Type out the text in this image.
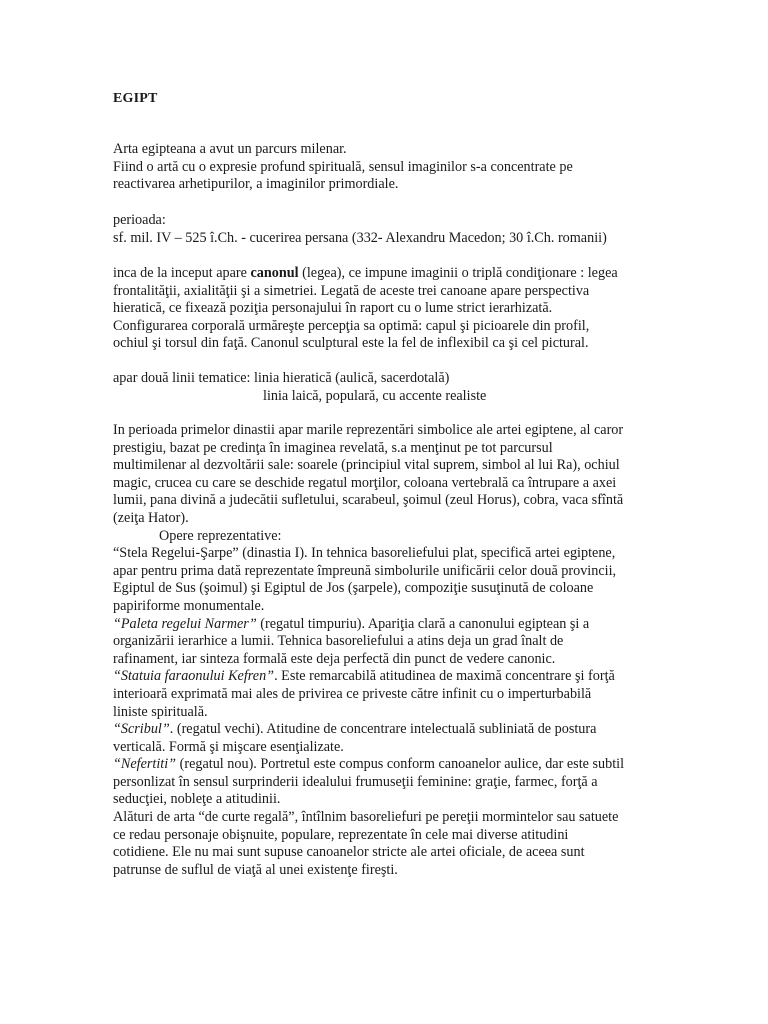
EGIPT
Arta egipteana a avut un parcurs milenar.
Fiind o artă cu o expresie profund spirituală, sensul imaginilor s-a concentrate pe
reactivarea arhetipurilor, a imaginilor primordiale.
perioada:
sf. mil. IV – 525 î.Ch. - cucerirea persana (332- Alexandru Macedon; 30 î.Ch. romanii)
inca de la inceput apare canonul (legea), ce impune imaginii o triplă condiţionare : legea
frontalităţii, axialităţii şi a simetriei. Legată de aceste trei canoane apare perspectiva
hieratică, ce fixează poziţia personajului în raport cu o lume strict ierarhizată.
Configurarea corporală urmăreşte percepţia sa optimă: capul şi picioarele din profil,
ochiul şi torsul din faţă. Canonul sculptural este la fel de inflexibil ca şi cel pictural.
apar două linii tematice: linia hieratică (aulică, sacerdotală)
linia laică, populară, cu accente realiste
In perioada primelor dinastii apar marile reprezentări simbolice ale artei egiptene, al caror
prestigiu, bazat pe credinţa în imaginea revelată, s.a menţinut pe tot parcursul
multimilenar al dezvoltării sale: soarele (principiul vital suprem, simbol al lui Ra), ochiul
magic, crucea cu care se deschide regatul morţilor, coloana vertebrală ca întrupare a axei
lumii, pana divină a judecătii sufletului, scarabeul, şoimul (zeul Horus), cobra, vaca sfîntă
(zeiţa Hator).
Opere reprezentative:
“Stela Regelui-Şarpe” (dinastia I). In tehnica basoreliefului plat, specifică artei egiptene,
apar pentru prima dată reprezentate împreună simbolurile unificării celor două provincii,
Egiptul de Sus (şoimul) şi Egiptul de Jos (şarpele), compoziţie susuţinută de coloane
papiriforme monumentale.
“Paleta regelui Narmer” (regatul timpuriu). Apariţia clară a canonului egiptean şi a
organizării ierarhice a lumii. Tehnica basoreliefului a atins deja un grad înalt de
rafinament, iar sinteza formală este deja perfectă din punct de vedere canonic.
“Statuia faraonului Kefren”. Este remarcabilă atitudinea de maximă concentrare şi forţă
interioară exprimată mai ales de privirea ce priveste către infinit cu o imperturbabilă
liniste spirituală.
“Scribul”. (regatul vechi). Atitudine de concentrare intelectuală subliniată de postura
verticală. Formă şi mişcare esenţializate.
“Nefertiti” (regatul nou). Portretul este compus conform canoanelor aulice, dar este subtil
personlizat în sensul surprinderii idealului frumuseţii feminine: graţie, farmec, forţă a
seducţiei, nobleţe a atitudinii.
Alături de arta “de curte regală”, întîlnim basoreliefuri pe pereţii mormintelor sau satuete
ce redau personaje obişnuite, populare, reprezentate în cele mai diverse atitudini
cotidiene. Ele nu mai sunt supuse canoanelor stricte ale artei oficiale, de aceea sunt
patrunse de suflul de viaţă al unei existenţe fireşti.
